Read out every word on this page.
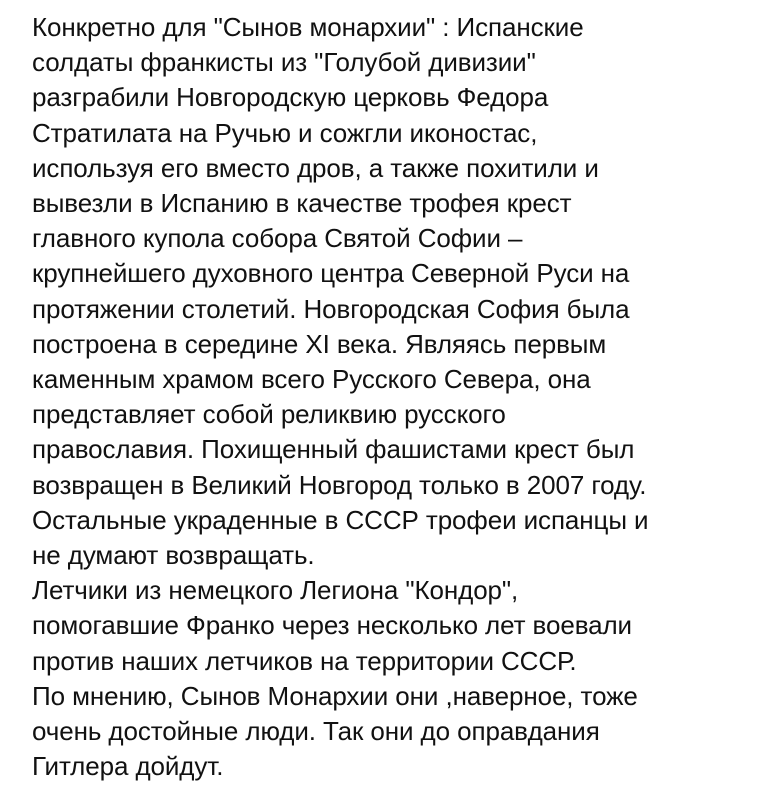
Конкретно для "Сынов монархии" : Испанские
солдаты франкисты из "Голубой дивизии"
разграбили Новгородскую церковь Федора
Стратилата на Ручью и сожгли иконостас,
используя его вместо дров, а также похитили и
вывезли в Испанию в качестве трофея крест
главного купола собора Святой Софии –
крупнейшего духовного центра Северной Руси на
протяжении столетий. Новгородская София была
построена в середине XI века. Являясь первым
каменным храмом всего Русского Севера, она
представляет собой реликвию русского
православия. Похищенный фашистами крест был
возвращен в Великий Новгород только в 2007 году.
Остальные украденные в СССР трофеи испанцы и
не думают возвращать.
Летчики из немецкого Легиона "Кондор",
помогавшие Франко через несколько лет воевали
против наших летчиков на территории СССР.
По мнению, Сынов Монархии они ,наверное, тоже
очень достойные люди. Так они до оправдания
Гитлера дойдут.
